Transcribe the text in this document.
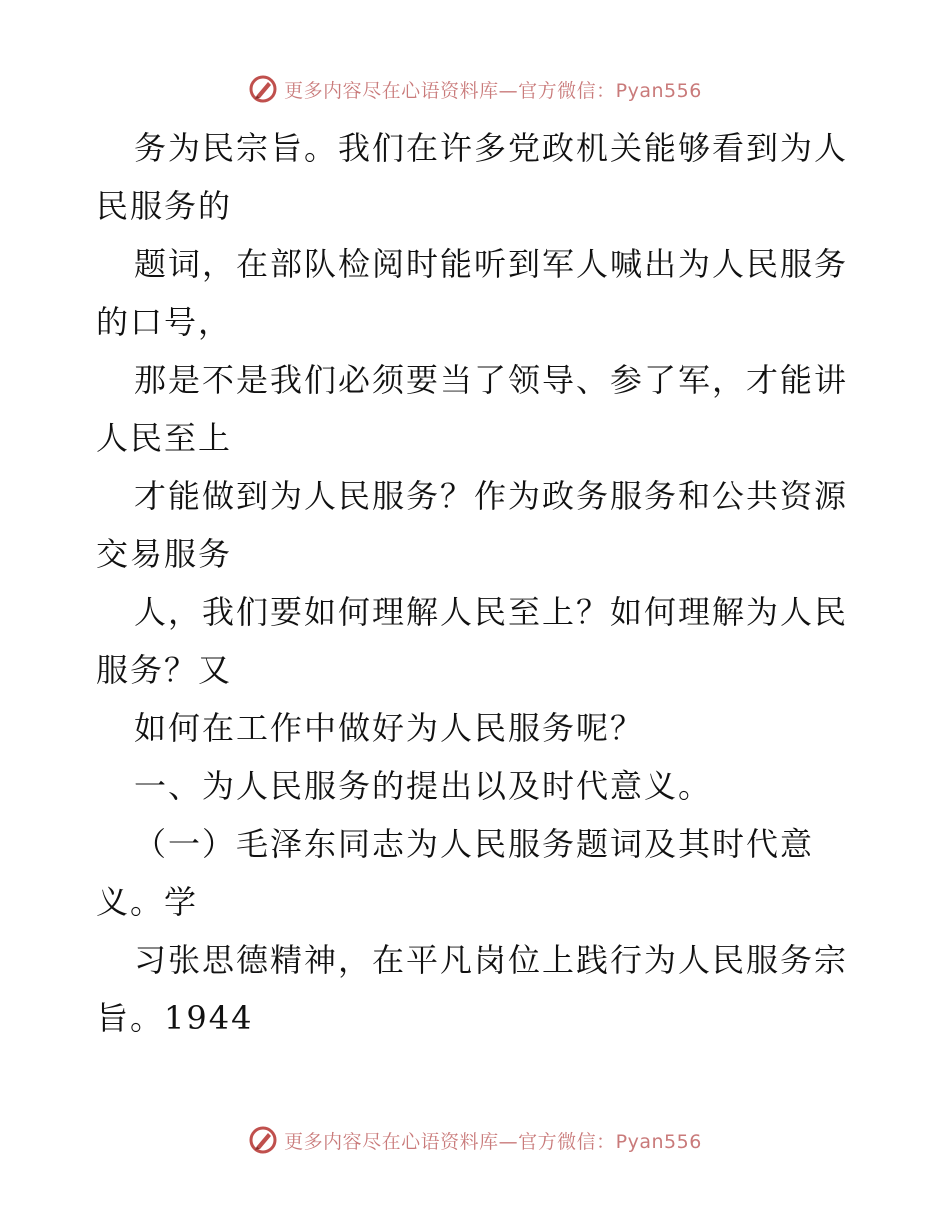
更多内容尽在心语资料库—官方微信：Pyan556
务为民宗旨。我们在许多党政机关能够看到为人
民服务的
题词，在部队检阅时能听到军人喊出为人民服务
的口号，
那是不是我们必须要当了领导、参了军，才能讲
人民至上
才能做到为人民服务？作为政务服务和公共资源
交易服务
人，我们要如何理解人民至上？如何理解为人民
服务？又
如何在工作中做好为人民服务呢？
一、为人民服务的提出以及时代意义。
（一）毛泽东同志为人民服务题词及其时代意
义。学
习张思德精神，在平凡岗位上践行为人民服务宗
旨。1944
更多内容尽在心语资料库—官方微信：Pyan556
